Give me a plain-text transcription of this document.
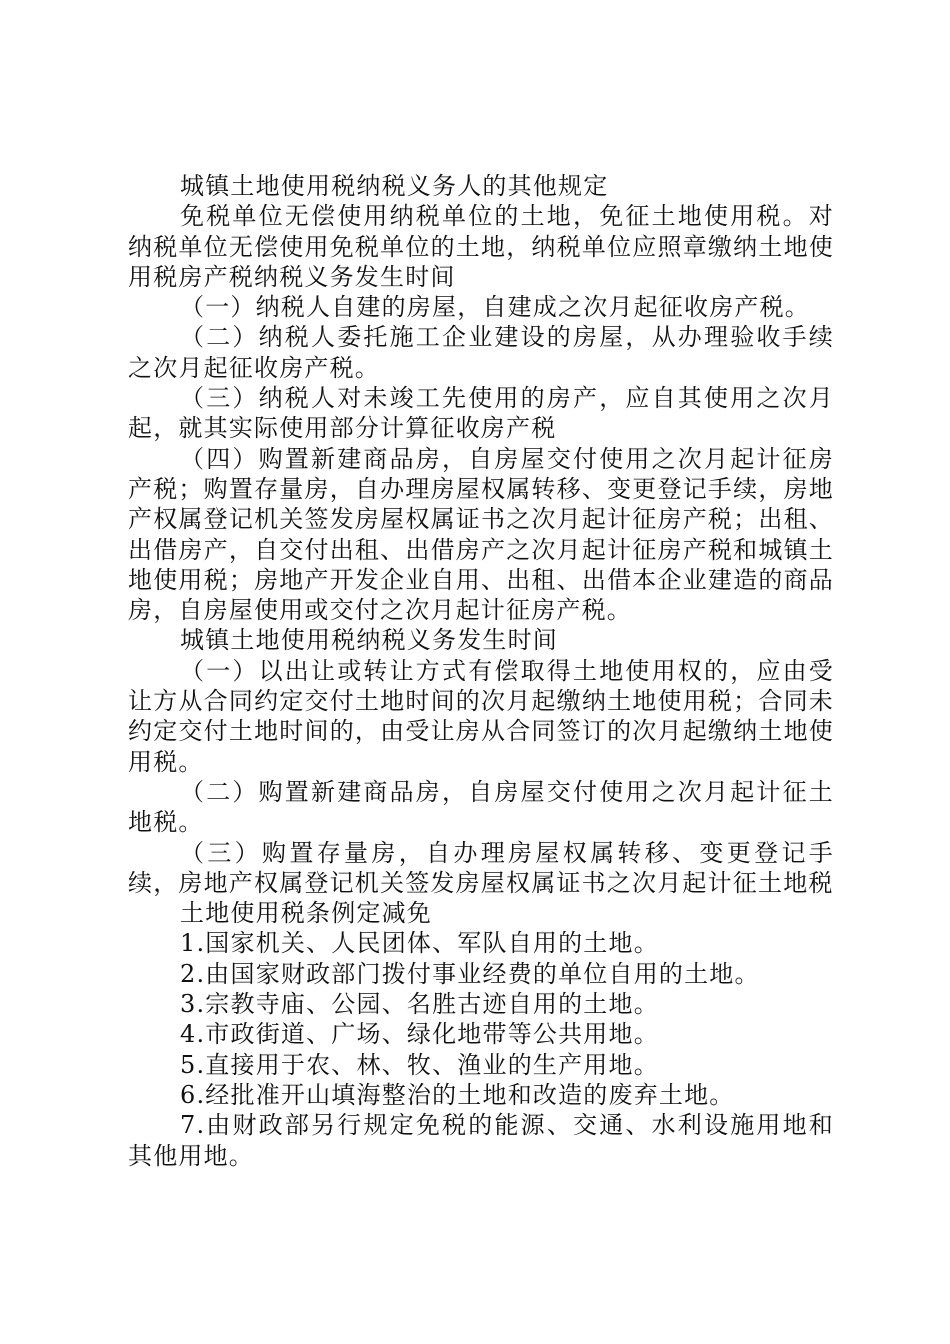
城镇土地使用税纳税义务人的其他规定

免税单位无偿使用纳税单位的土地，免征土地使用税。对纳税单位无偿使用免税单位的土地，纳税单位应照章缴纳土地使用税房产税纳税义务发生时间

（一）纳税人自建的房屋，自建成之次月起征收房产税。

（二）纳税人委托施工企业建设的房屋，从办理验收手续之次月起征收房产税。

（三）纳税人对未竣工先使用的房产，应自其使用之次月起，就其实际使用部分计算征收房产税

（四）购置新建商品房，自房屋交付使用之次月起计征房产税；购置存量房，自办理房屋权属转移、变更登记手续，房地产权属登记机关签发房屋权属证书之次月起计征房产税；出租、出借房产，自交付出租、出借房产之次月起计征房产税和城镇土地使用税；房地产开发企业自用、出租、出借本企业建造的商品房，自房屋使用或交付之次月起计征房产税。

城镇土地使用税纳税义务发生时间

（一）以出让或转让方式有偿取得土地使用权的，应由受让方从合同约定交付土地时间的次月起缴纳土地使用税；合同未约定交付土地时间的，由受让房从合同签订的次月起缴纳土地使用税。

（二）购置新建商品房，自房屋交付使用之次月起计征土地税。

（三）购置存量房，自办理房屋权属转移、变更登记手续，房地产权属登记机关签发房屋权属证书之次月起计征土地税

土地使用税条例定减免

1.国家机关、人民团体、军队自用的土地。

2.由国家财政部门拨付事业经费的单位自用的土地。

3.宗教寺庙、公园、名胜古迹自用的土地。

4.市政街道、广场、绿化地带等公共用地。

5.直接用于农、林、牧、渔业的生产用地。

6.经批准开山填海整治的土地和改造的废弃土地。

7.由财政部另行规定免税的能源、交通、水利设施用地和其他用地。
